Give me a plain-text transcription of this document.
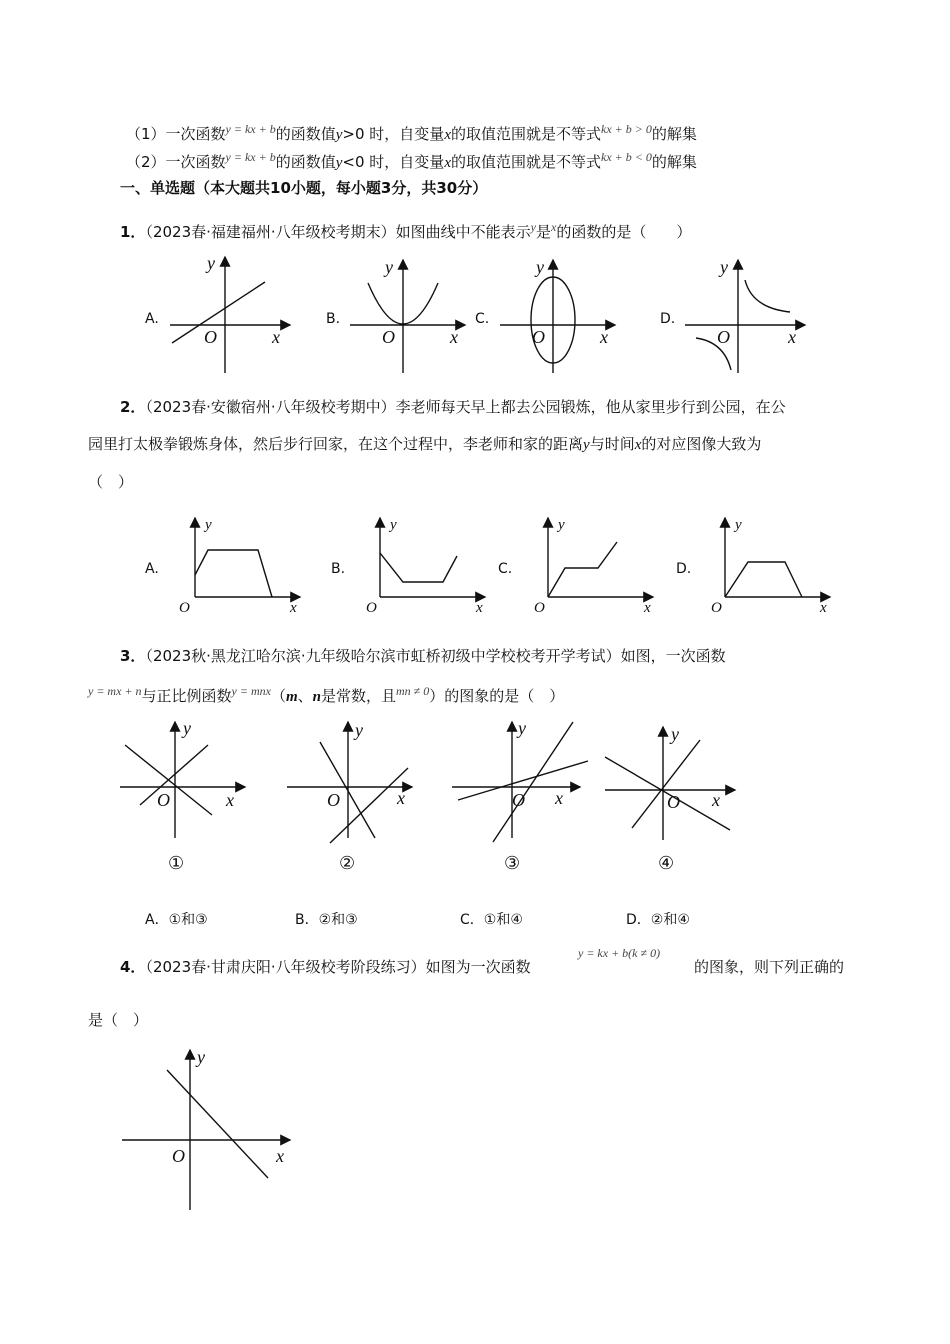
（1）一次函数$^{y = kx + b}$的函数值y>0 时，自变量x的取值范围就是不等式$^{kx + b > 0}$的解集
（2）一次函数$^{y = kx + b}$的函数值y<0 时，自变量x的取值范围就是不等式$^{kx + b < 0}$的解集
一、单选题（本大题共10小题，每小题3分，共30分）
1．（2023春·福建福州·八年级校考期末）如图曲线中不能表示$^y$是$^x$的函数的是（　　）
A.	B.	C.	D.
y
O	x
y
O	x
y
O	x
y
O	x
y
O	x
y
O	x
y
O	x
y
O	x
y
O	x
y
O	x
y
O x
y
O x
①	②	③	④
y
O	x
2．（2023春·安徽宿州·八年级校考期中）李老师每天早上都去公园锻炼，他从家里步行到公园，在公
园里打太极拳锻炼身体，然后步行回家，在这个过程中，李老师和家的距离y与时间x的对应图像大致为
（　）
A.	B.	C.	D.
3．（2023秋·黑龙江哈尔滨·九年级哈尔滨市虹桥初级中学校校考开学考试）如图，一次函数
$^{y = mx + n}$与正比例函数$^{y = mnx}$（m、n是常数，且$^{mn \ne 0}$）的图象的是（　）
A．①和③	B．②和③	C．①和④	D．②和④
4．（2023春·甘肃庆阳·八年级校考阶段练习）如图为一次函数
y = kx + b(k ≠ 0)
的图象，则下列正确的
是（　）
